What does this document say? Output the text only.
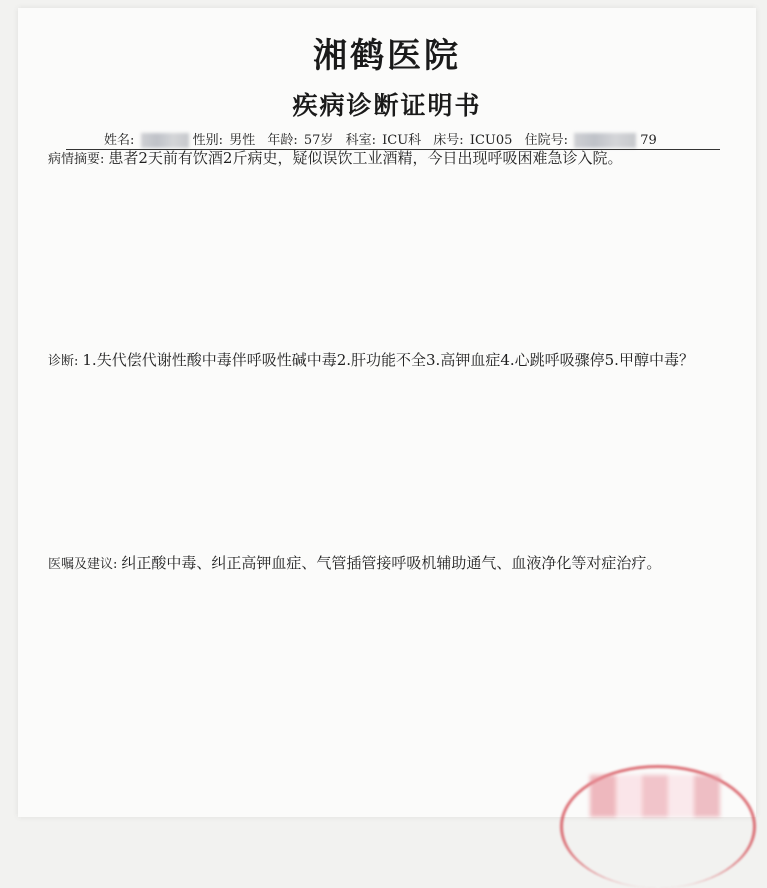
湘鹤医院
疾病诊断证明书
姓名:	性别: 男性 年龄: 57岁 科室: ICU科 床号: ICU05 住院号:	79
病情摘要: 患者2天前有饮酒2斤病史，疑似误饮工业酒精，今日出现呼吸困难急诊入院。
诊断: 1.失代偿代谢性酸中毒伴呼吸性碱中毒2.肝功能不全3.高钾血症4.心跳呼吸骤停5.甲醇中毒？
医嘱及建议: 纠正酸中毒、纠正高钾血症、气管插管接呼吸机辅助通气、血液净化等对症治疗。
